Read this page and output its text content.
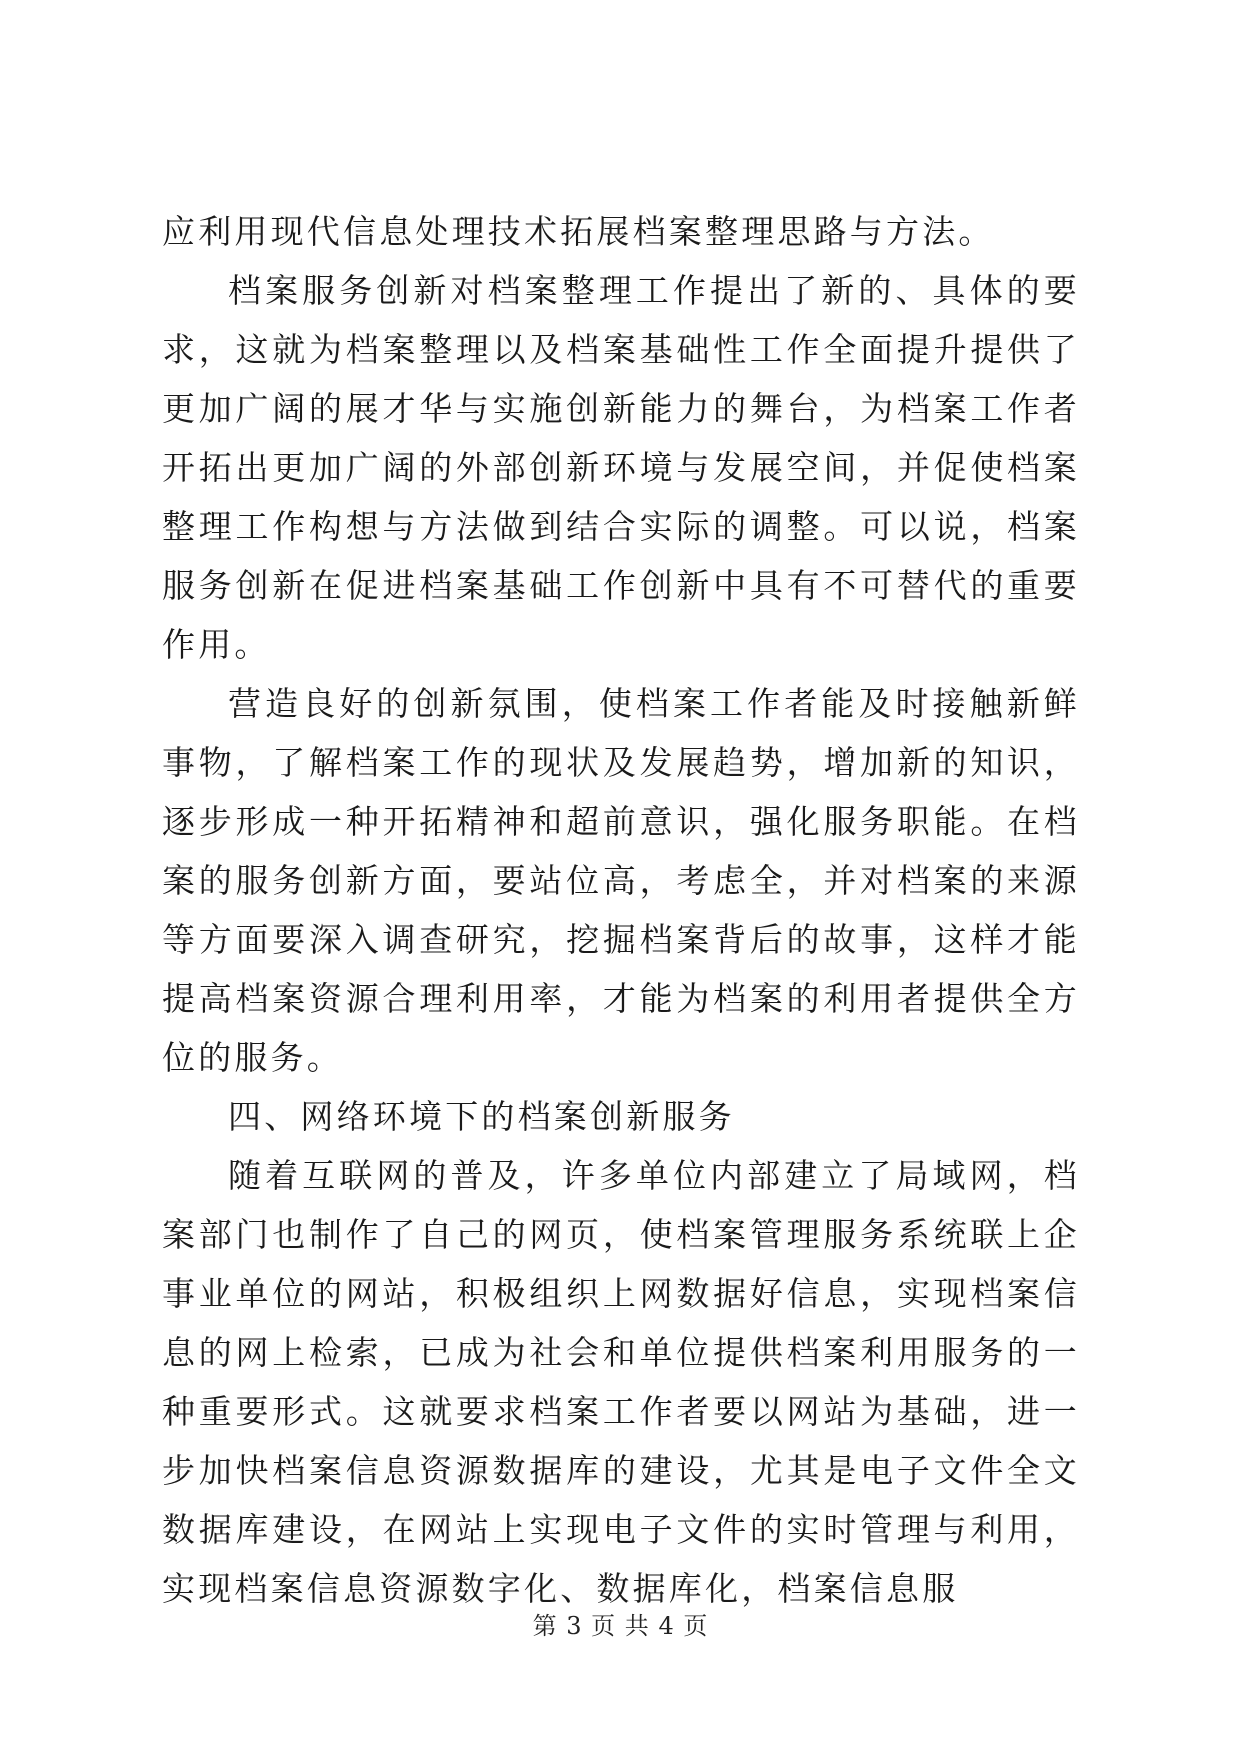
应利用现代信息处理技术拓展档案整理思路与方法。

档案服务创新对档案整理工作提出了新的、具体的要求，这就为档案整理以及档案基础性工作全面提升提供了更加广阔的展才华与实施创新能力的舞台，为档案工作者开拓出更加广阔的外部创新环境与发展空间，并促使档案整理工作构想与方法做到结合实际的调整。可以说，档案服务创新在促进档案基础工作创新中具有不可替代的重要作用。

营造良好的创新氛围，使档案工作者能及时接触新鲜事物，了解档案工作的现状及发展趋势，增加新的知识，逐步形成一种开拓精神和超前意识，强化服务职能。在档案的服务创新方面，要站位高，考虑全，并对档案的来源等方面要深入调查研究，挖掘档案背后的故事，这样才能提高档案资源合理利用率，才能为档案的利用者提供全方位的服务。

四、网络环境下的档案创新服务

随着互联网的普及，许多单位内部建立了局域网，档案部门也制作了自己的网页，使档案管理服务系统联上企事业单位的网站，积极组织上网数据好信息，实现档案信息的网上检索，已成为社会和单位提供档案利用服务的一种重要形式。这就要求档案工作者要以网站为基础，进一步加快档案信息资源数据库的建设，尤其是电子文件全文数据库建设，在网站上实现电子文件的实时管理与利用，实现档案信息资源数字化、数据库化，档案信息服

第 3 页 共 4 页
